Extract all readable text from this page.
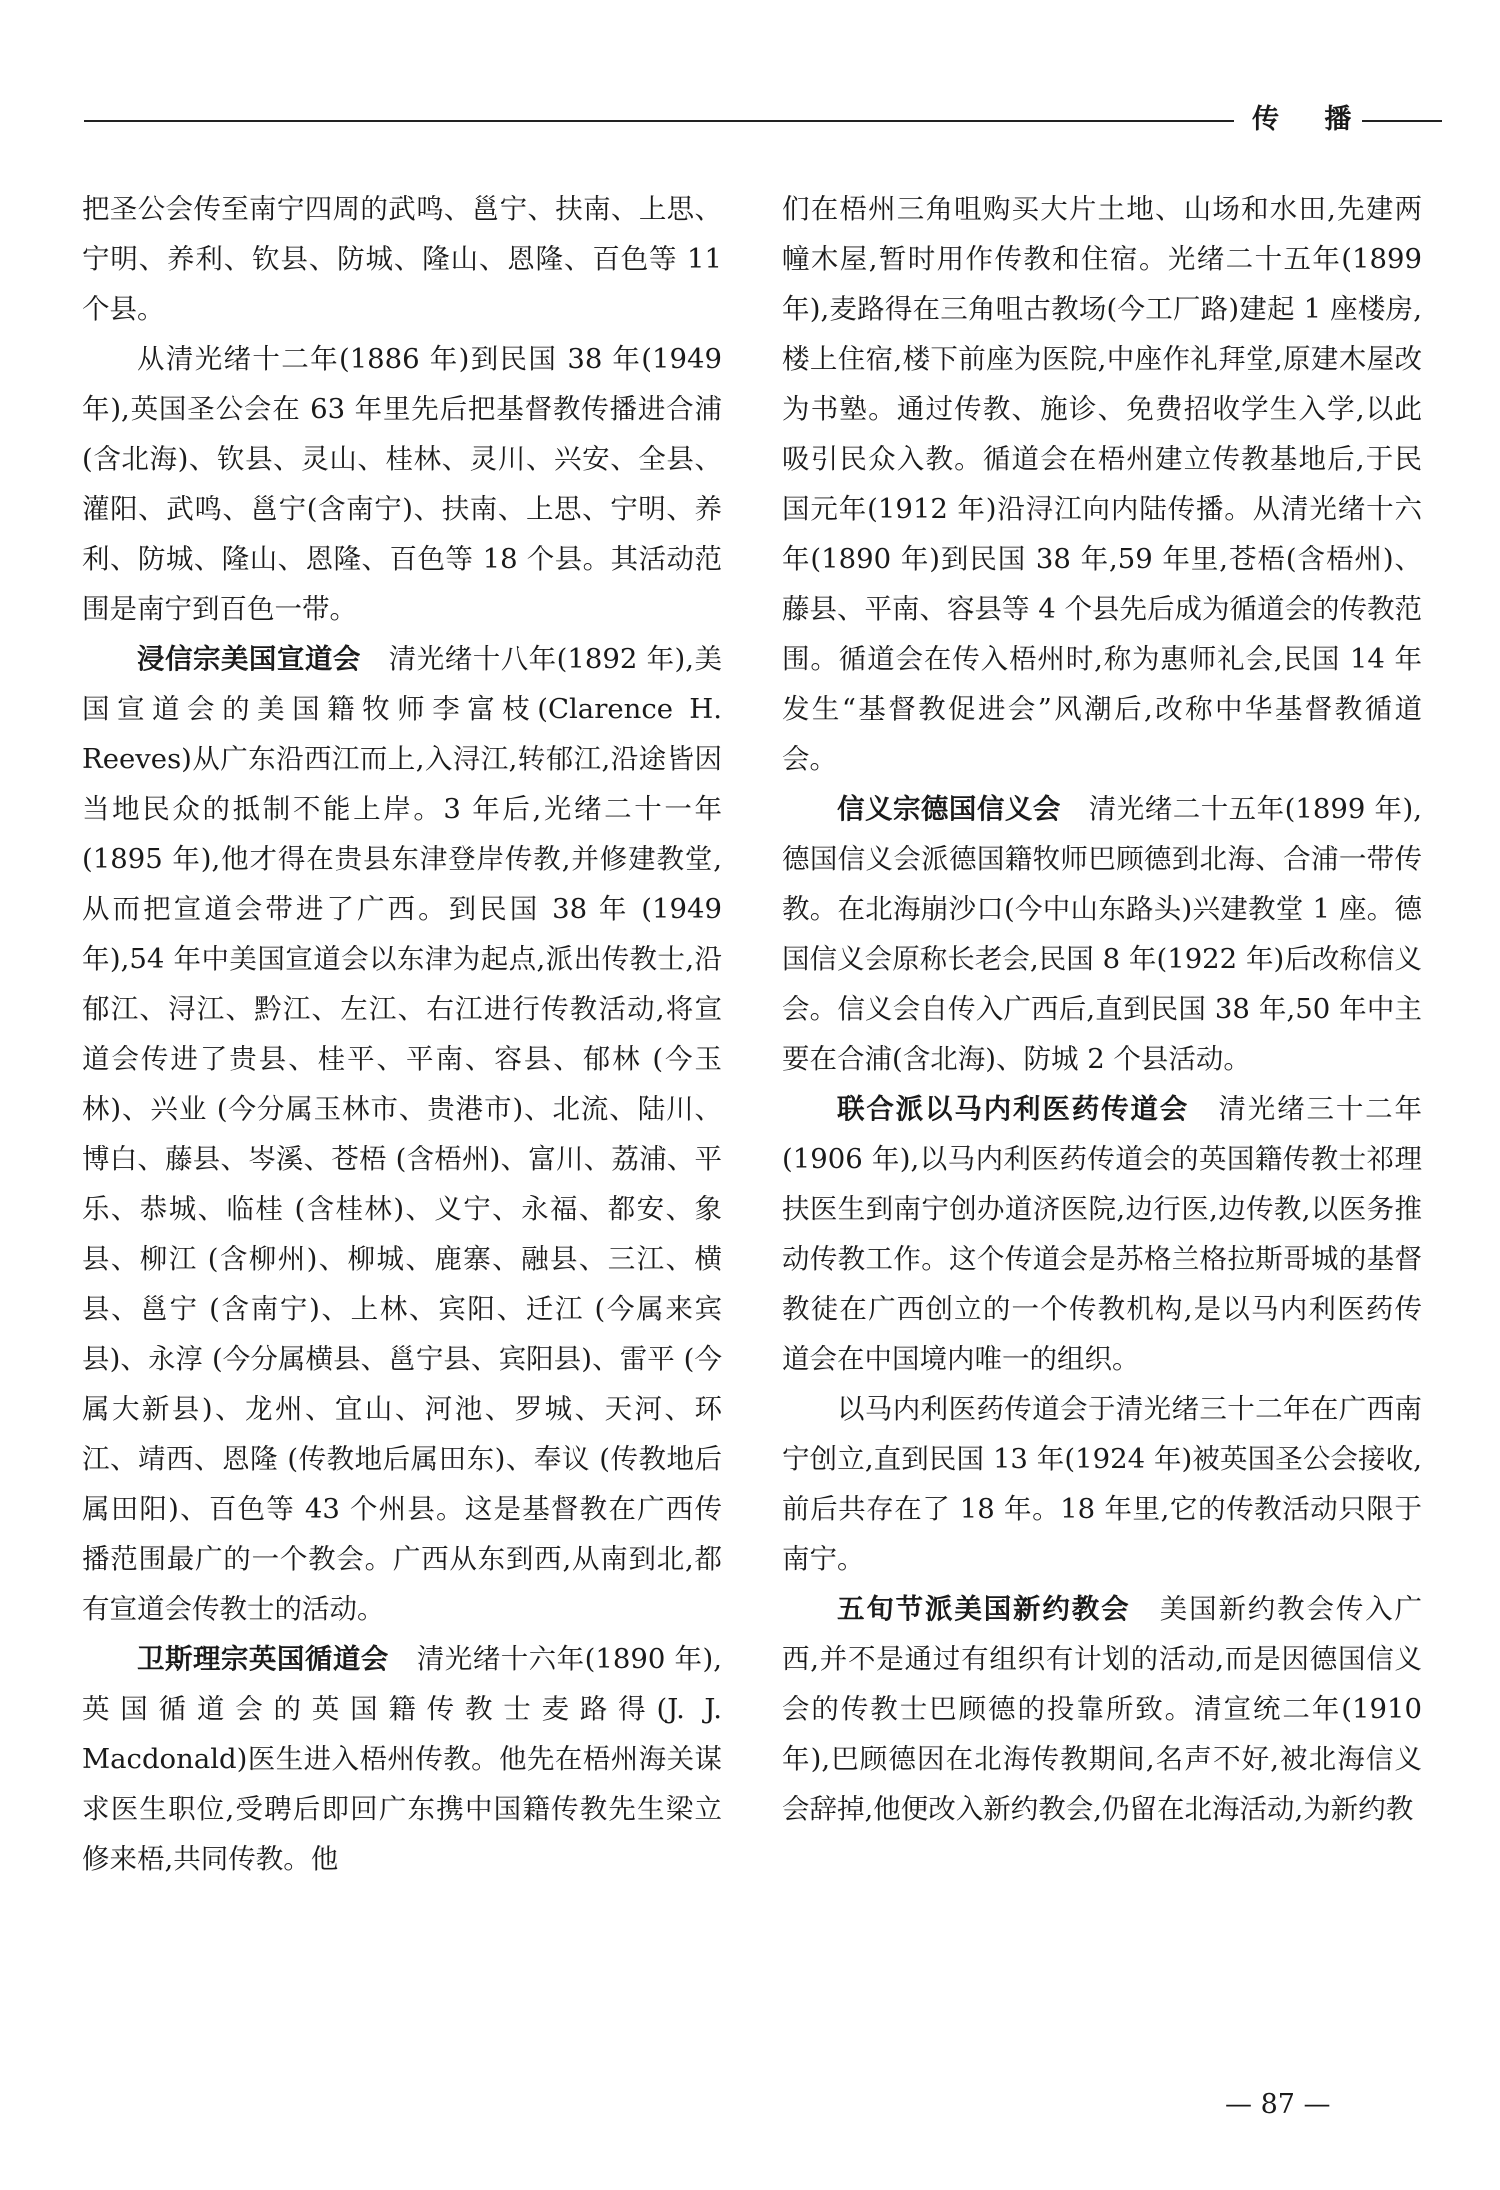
传 播

把圣公会传至南宁四周的武鸣、邕宁、扶南、上思、宁明、养利、钦县、防城、隆山、恩隆、百色等 11 个县。

从清光绪十二年(1886 年)到民国 38 年(1949 年),英国圣公会在 63 年里先后把基督教传播进合浦(含北海)、钦县、灵山、桂林、灵川、兴安、全县、灌阳、武鸣、邕宁(含南宁)、扶南、上思、宁明、养利、防城、隆山、恩隆、百色等 18 个县。其活动范围是南宁到百色一带。

浸信宗美国宣道会　 清光绪十八年(1892 年),美国宣道会的美国籍牧师李富枝(Clarence H. Reeves)从广东沿西江而上,入浔江,转郁江,沿途皆因当地民众的抵制不能上岸。3 年后,光绪二十一年 (1895 年),他才得在贵县东津登岸传教,并修建教堂,从而把宣道会带进了广西。到民国 38 年 (1949 年),54 年中美国宣道会以东津为起点,派出传教士,沿郁江、浔江、黔江、左江、右江进行传教活动,将宣道会传进了贵县、桂平、平南、容县、郁林 (今玉林)、兴业 (今分属玉林市、贵港市)、北流、陆川、博白、藤县、岑溪、苍梧 (含梧州)、富川、荔浦、平乐、恭城、临桂 (含桂林)、义宁、永福、都安、象县、柳江 (含柳州)、柳城、鹿寨、融县、三江、横县、邕宁 (含南宁)、上林、宾阳、迁江 (今属来宾县)、永淳 (今分属横县、邕宁县、宾阳县)、雷平 (今属大新县)、龙州、宜山、河池、罗城、天河、环江、靖西、恩隆 (传教地后属田东)、奉议 (传教地后属田阳)、百色等 43 个州县。这是基督教在广西传播范围最广的一个教会。广西从东到西,从南到北,都有宣道会传教士的活动。

卫斯理宗英国循道会　 清光绪十六年(1890 年),英国循道会的英国籍传教士麦路得(J. J. Macdonald)医生进入梧州传教。他先在梧州海关谋求医生职位,受聘后即回广东携中国籍传教先生梁立修来梧,共同传教。他

们在梧州三角咀购买大片土地、山场和水田,先建两幢木屋,暂时用作传教和住宿。光绪二十五年(1899 年),麦路得在三角咀古教场(今工厂路)建起 1 座楼房,楼上住宿,楼下前座为医院,中座作礼拜堂,原建木屋改为书塾。通过传教、施诊、免费招收学生入学,以此吸引民众入教。循道会在梧州建立传教基地后,于民国元年(1912 年)沿浔江向内陆传播。从清光绪十六年(1890 年)到民国 38 年,59 年里,苍梧(含梧州)、藤县、平南、容县等 4 个县先后成为循道会的传教范围。循道会在传入梧州时,称为惠师礼会,民国 14 年发生“基督教促进会”风潮后,改称中华基督教循道会。

信义宗德国信义会　 清光绪二十五年(1899 年),德国信义会派德国籍牧师巴顾德到北海、合浦一带传教。在北海崩沙口(今中山东路头)兴建教堂 1 座。德国信义会原称长老会,民国 8 年(1922 年)后改称信义会。信义会自传入广西后,直到民国 38 年,50 年中主要在合浦(含北海)、防城 2 个县活动。

联合派以马内利医药传道会　 清光绪三十二年(1906 年),以马内利医药传道会的英国籍传教士祁理扶医生到南宁创办道济医院,边行医,边传教,以医务推动传教工作。这个传道会是苏格兰格拉斯哥城的基督教徒在广西创立的一个传教机构,是以马内利医药传道会在中国境内唯一的组织。

以马内利医药传道会于清光绪三十二年在广西南宁创立,直到民国 13 年(1924 年)被英国圣公会接收,前后共存在了 18 年。18 年里,它的传教活动只限于南宁。

五旬节派美国新约教会　 美国新约教会传入广西,并不是通过有组织有计划的活动,而是因德国信义会的传教士巴顾德的投靠所致。清宣统二年(1910 年),巴顾德因在北海传教期间,名声不好,被北海信义会辞掉,他便改入新约教会,仍留在北海活动,为新约教

— 87 —
